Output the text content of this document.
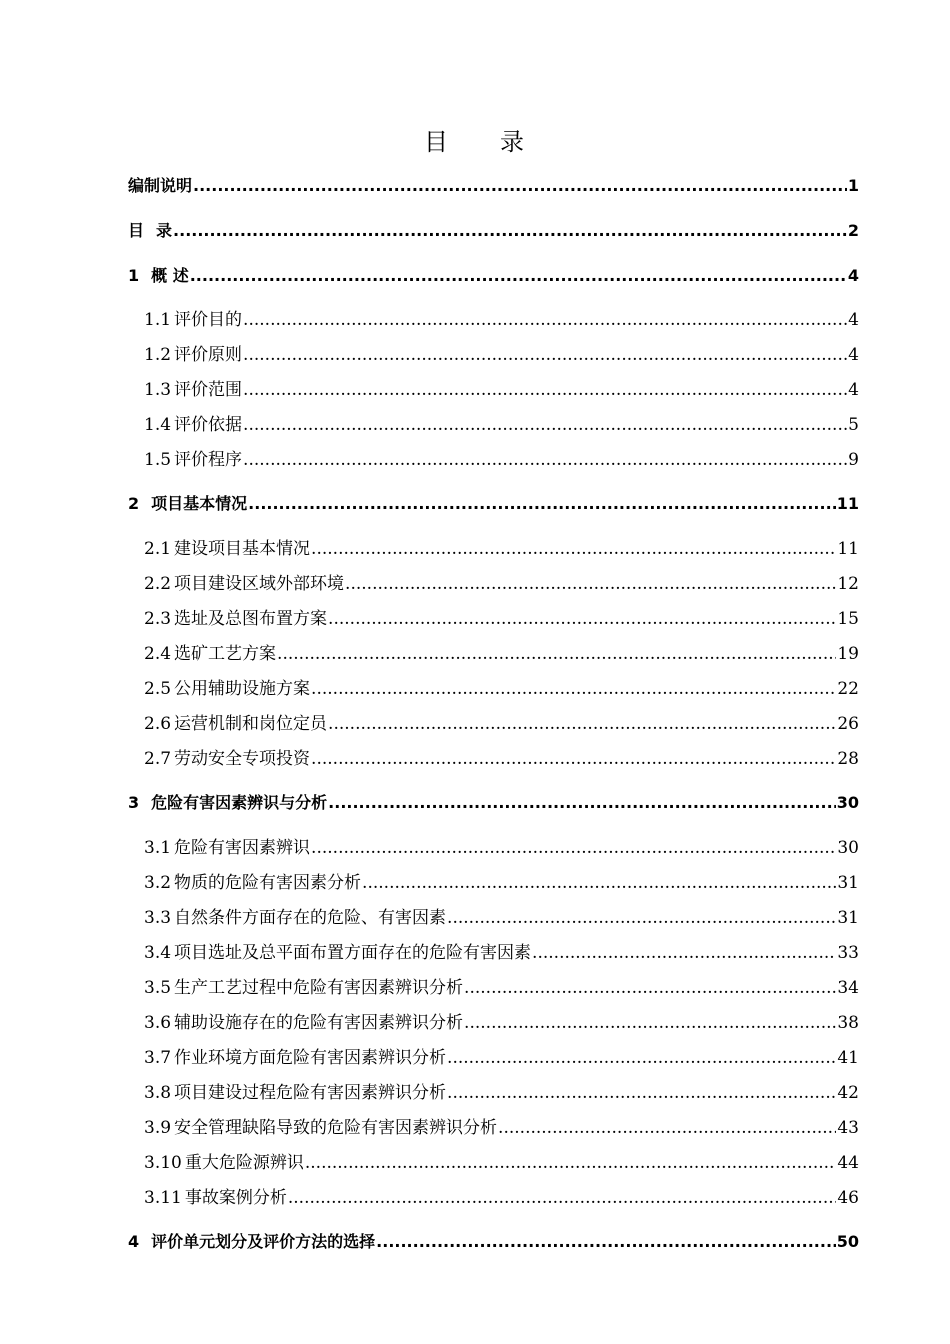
目 录
编制说明 .....	1
目 录 .....	2
1 概 述 .....	4
1.1 评价目的 .....	4
1.2 评价原则 .....	4
1.3 评价范围 .....	4
1.4 评价依据 .....	5
1.5 评价程序 .....	9
2 项目基本情况 .....	11
2.1 建设项目基本情况 .....	11
2.2 项目建设区域外部环境 .....	12
2.3 选址及总图布置方案 .....	15
2.4 选矿工艺方案 .....	19
2.5 公用辅助设施方案 .....	22
2.6 运营机制和岗位定员 .....	26
2.7 劳动安全专项投资 .....	28
3 危险有害因素辨识与分析 .....	30
3.1 危险有害因素辨识 .....	30
3.2 物质的危险有害因素分析 .....	31
3.3 自然条件方面存在的危险、有害因素 .....	31
3.4 项目选址及总平面布置方面存在的危险有害因素 .....	33
3.5 生产工艺过程中危险有害因素辨识分析 .....	34
3.6 辅助设施存在的危险有害因素辨识分析 .....	38
3.7 作业环境方面危险有害因素辨识分析 .....	41
3.8 项目建设过程危险有害因素辨识分析 .....	42
3.9 安全管理缺陷导致的危险有害因素辨识分析 .....	43
3.10 重大危险源辨识 .....	44
3.11 事故案例分析 .....	46
4 评价单元划分及评价方法的选择 .....	50
